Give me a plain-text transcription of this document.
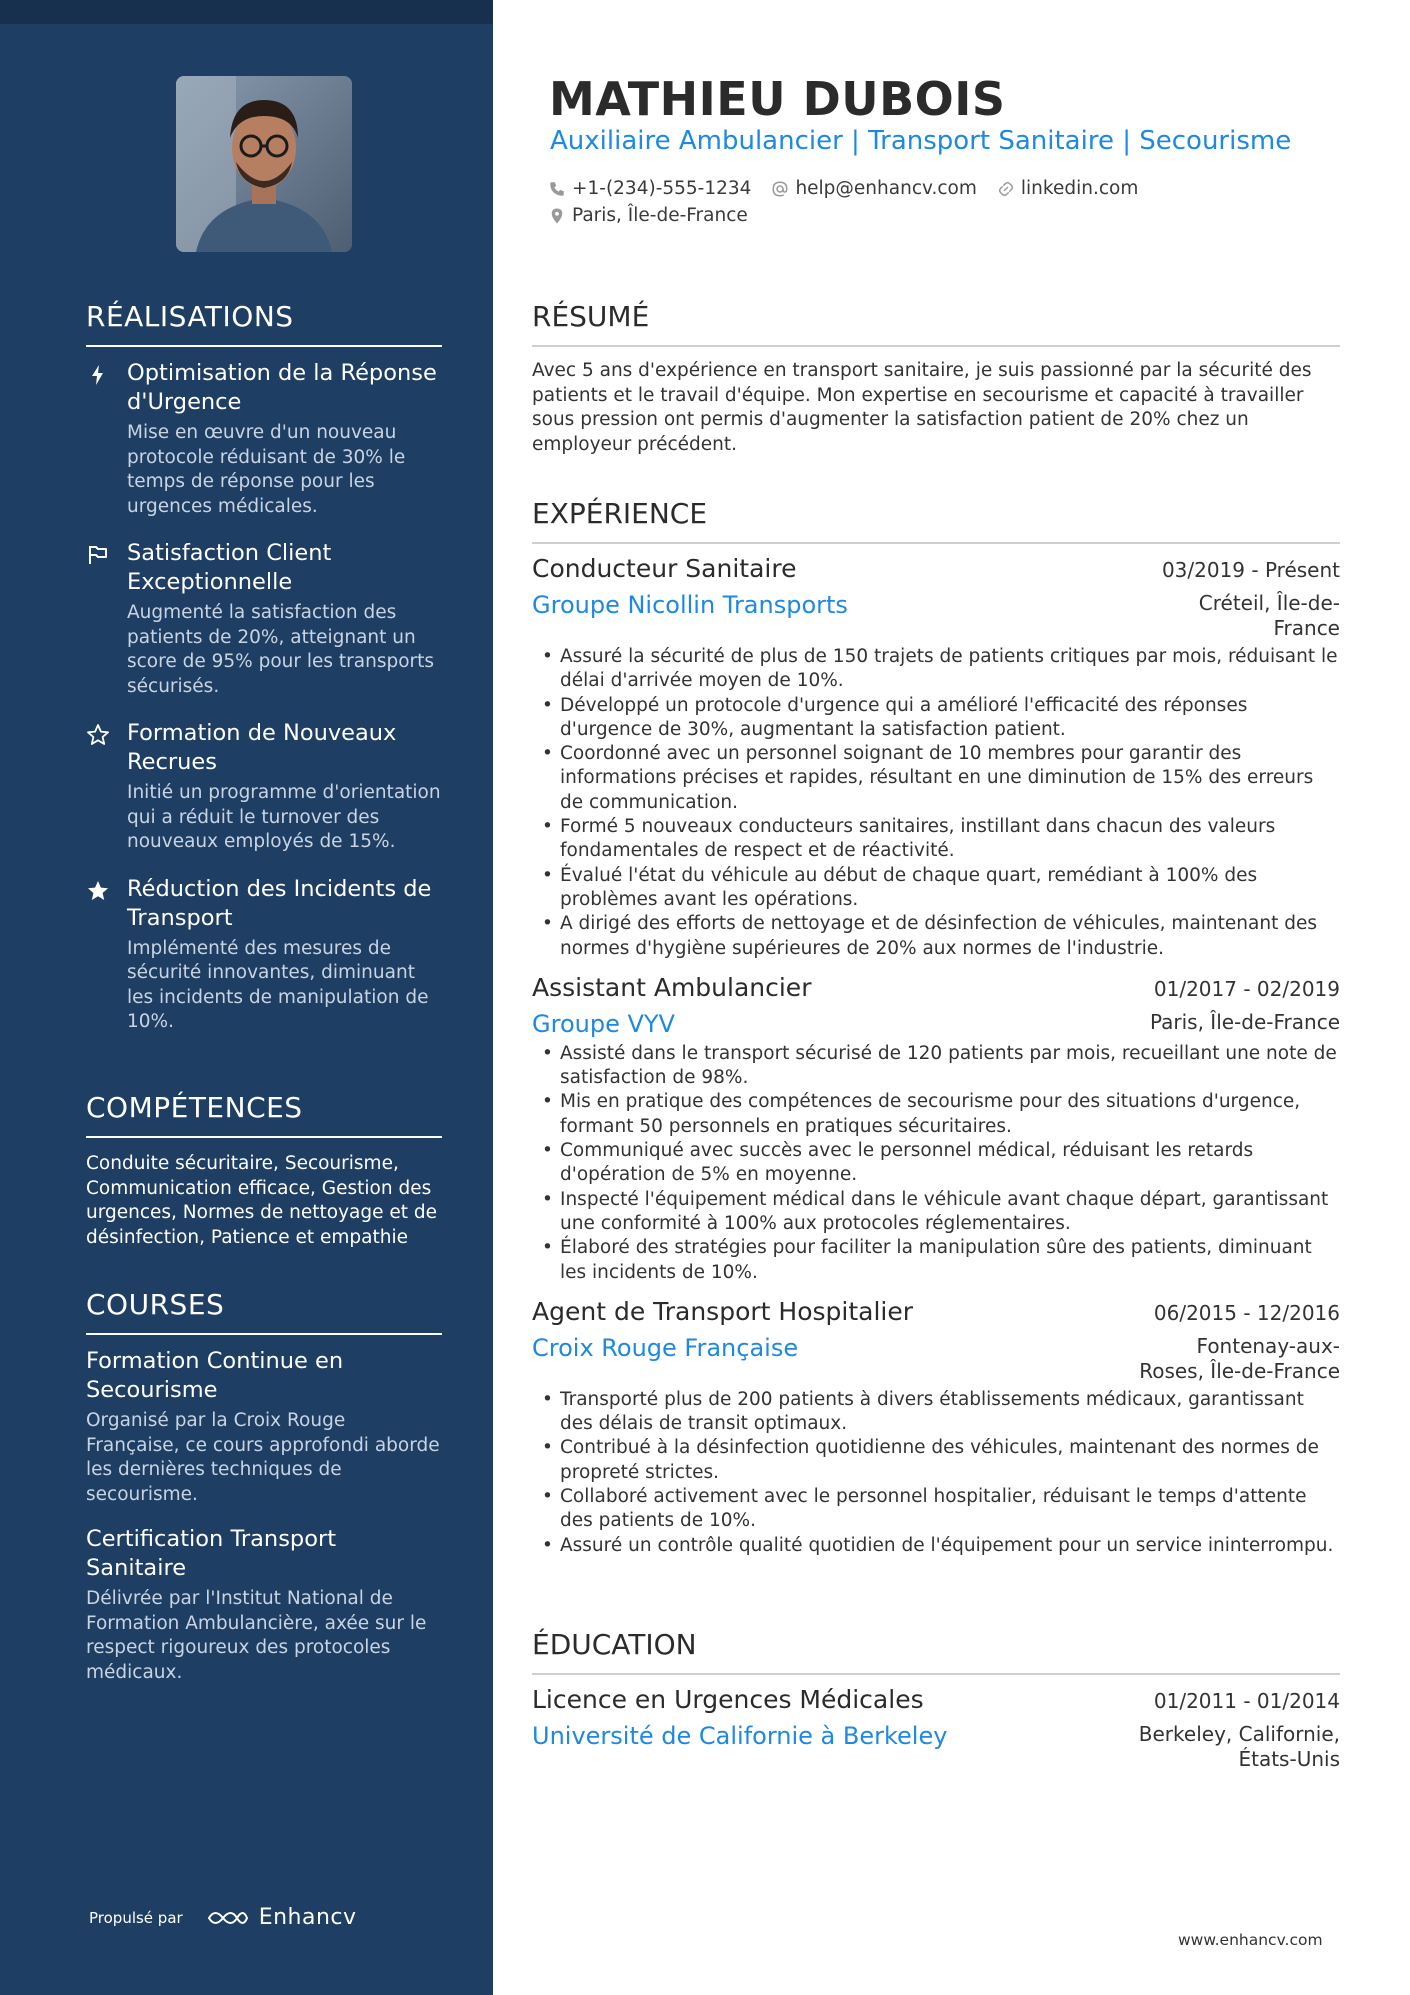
RÉALISATIONS
Optimisation de la Réponse d'Urgence
Mise en œuvre d'un nouveau protocole réduisant de 30% le temps de réponse pour les urgences médicales.
Satisfaction Client Exceptionnelle
Augmenté la satisfaction des patients de 20%, atteignant un score de 95% pour les transports sécurisés.
Formation de Nouveaux Recrues
Initié un programme d'orientation qui a réduit le turnover des nouveaux employés de 15%.
Réduction des Incidents de Transport
Implémenté des mesures de sécurité innovantes, diminuant les incidents de manipulation de 10%.
COMPÉTENCES
Conduite sécuritaire, Secourisme, Communication efficace, Gestion des urgences, Normes de nettoyage et de désinfection, Patience et empathie
COURSES
Formation Continue en Secourisme
Organisé par la Croix Rouge Française, ce cours approfondi aborde les dernières techniques de secourisme.
Certification Transport Sanitaire
Délivrée par l'Institut National de Formation Ambulancière, axée sur le respect rigoureux des protocoles médicaux.
Propulsé par	Enhancv
MATHIEU DUBOIS
Auxiliaire Ambulancier | Transport Sanitaire | Secourisme
+1-(234)-555-1234 help@enhancv.com linkedin.com
Paris, Île-de-France
RÉSUMÉ
Avec 5 ans d'expérience en transport sanitaire, je suis passionné par la sécurité des patients et le travail d'équipe. Mon expertise en secourisme et capacité à travailler sous pression ont permis d'augmenter la satisfaction patient de 20% chez un employeur précédent.
EXPÉRIENCE
Conducteur Sanitaire	03/2019 - Présent
Groupe Nicollin Transports	Créteil, Île-de-
France
• Assuré la sécurité de plus de 150 trajets de patients critiques par mois, réduisant le délai d'arrivée moyen de 10%.
• Développé un protocole d'urgence qui a amélioré l'efficacité des réponses d'urgence de 30%, augmentant la satisfaction patient.
• Coordonné avec un personnel soignant de 10 membres pour garantir des informations précises et rapides, résultant en une diminution de 15% des erreurs de communication.
• Formé 5 nouveaux conducteurs sanitaires, instillant dans chacun des valeurs fondamentales de respect et de réactivité.
• Évalué l'état du véhicule au début de chaque quart, remédiant à 100% des problèmes avant les opérations.
• A dirigé des efforts de nettoyage et de désinfection de véhicules, maintenant des normes d'hygiène supérieures de 20% aux normes de l'industrie.
Assistant Ambulancier	01/2017 - 02/2019
Groupe VYV	Paris, Île-de-France
• Assisté dans le transport sécurisé de 120 patients par mois, recueillant une note de satisfaction de 98%.
• Mis en pratique des compétences de secourisme pour des situations d'urgence, formant 50 personnels en pratiques sécuritaires.
• Communiqué avec succès avec le personnel médical, réduisant les retards d'opération de 5% en moyenne.
• Inspecté l'équipement médical dans le véhicule avant chaque départ, garantissant une conformité à 100% aux protocoles réglementaires.
• Élaboré des stratégies pour faciliter la manipulation sûre des patients, diminuant les incidents de 10%.
Agent de Transport Hospitalier	06/2015 - 12/2016
Croix Rouge Française	Fontenay-aux-
Roses, Île-de-France
• Transporté plus de 200 patients à divers établissements médicaux, garantissant des délais de transit optimaux.
• Contribué à la désinfection quotidienne des véhicules, maintenant des normes de propreté strictes.
• Collaboré activement avec le personnel hospitalier, réduisant le temps d'attente des patients de 10%.
• Assuré un contrôle qualité quotidien de l'équipement pour un service ininterrompu.
ÉDUCATION
Licence en Urgences Médicales	01/2011 - 01/2014
Université de Californie à Berkeley	Berkeley, Californie,
États-Unis
www.enhancv.com
